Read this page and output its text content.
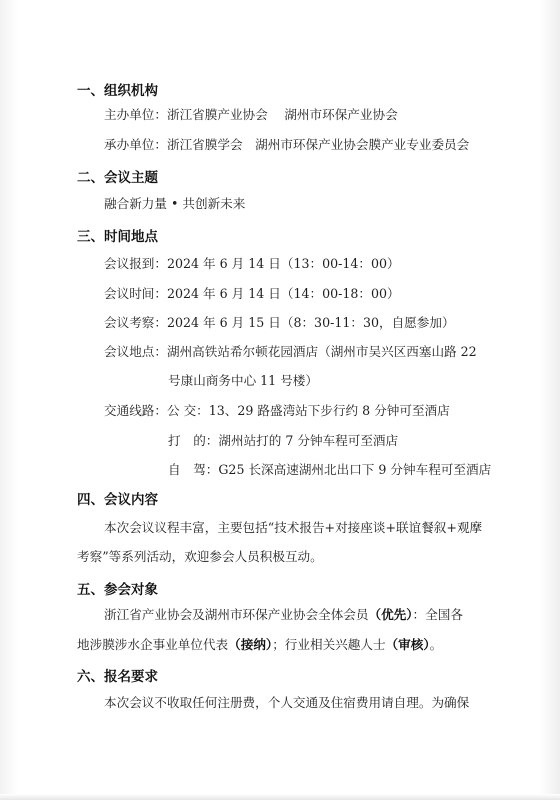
一、组织机构
主办单位：浙江省膜产业协会　 湖州市环保产业协会
承办单位：浙江省膜学会　湖州市环保产业协会膜产业专业委员会
二、会议主题
融合新力量 • 共创新未来
三、时间地点
会议报到：2024 年 6 月 14 日（13：00-14：00）
会议时间：2024 年 6 月 14 日（14：00-18：00）
会议考察：2024 年 6 月 15 日（8：30-11：30，自愿参加）
会议地点：湖州高铁站希尔顿花园酒店（湖州市吴兴区西塞山路 22
号康山商务中心 11 号楼）
交通线路：公 交：13、29 路盛湾站下步行约 8 分钟可至酒店
打　的：湖州站打的 7 分钟车程可至酒店
自　驾：G25 长深高速湖州北出口下 9 分钟车程可至酒店
四、会议内容
本次会议议程丰富，主要包括“技术报告+对接座谈+联谊餐叙+观摩
考察”等系列活动，欢迎参会人员积极互动。
五、参会对象
浙江省产业协会及湖州市环保产业协会全体会员（优先）：全国各
地涉膜涉水企事业单位代表（接纳）；行业相关兴趣人士（审核）。
六、报名要求
本次会议不收取任何注册费，个人交通及住宿费用请自理。为确保
